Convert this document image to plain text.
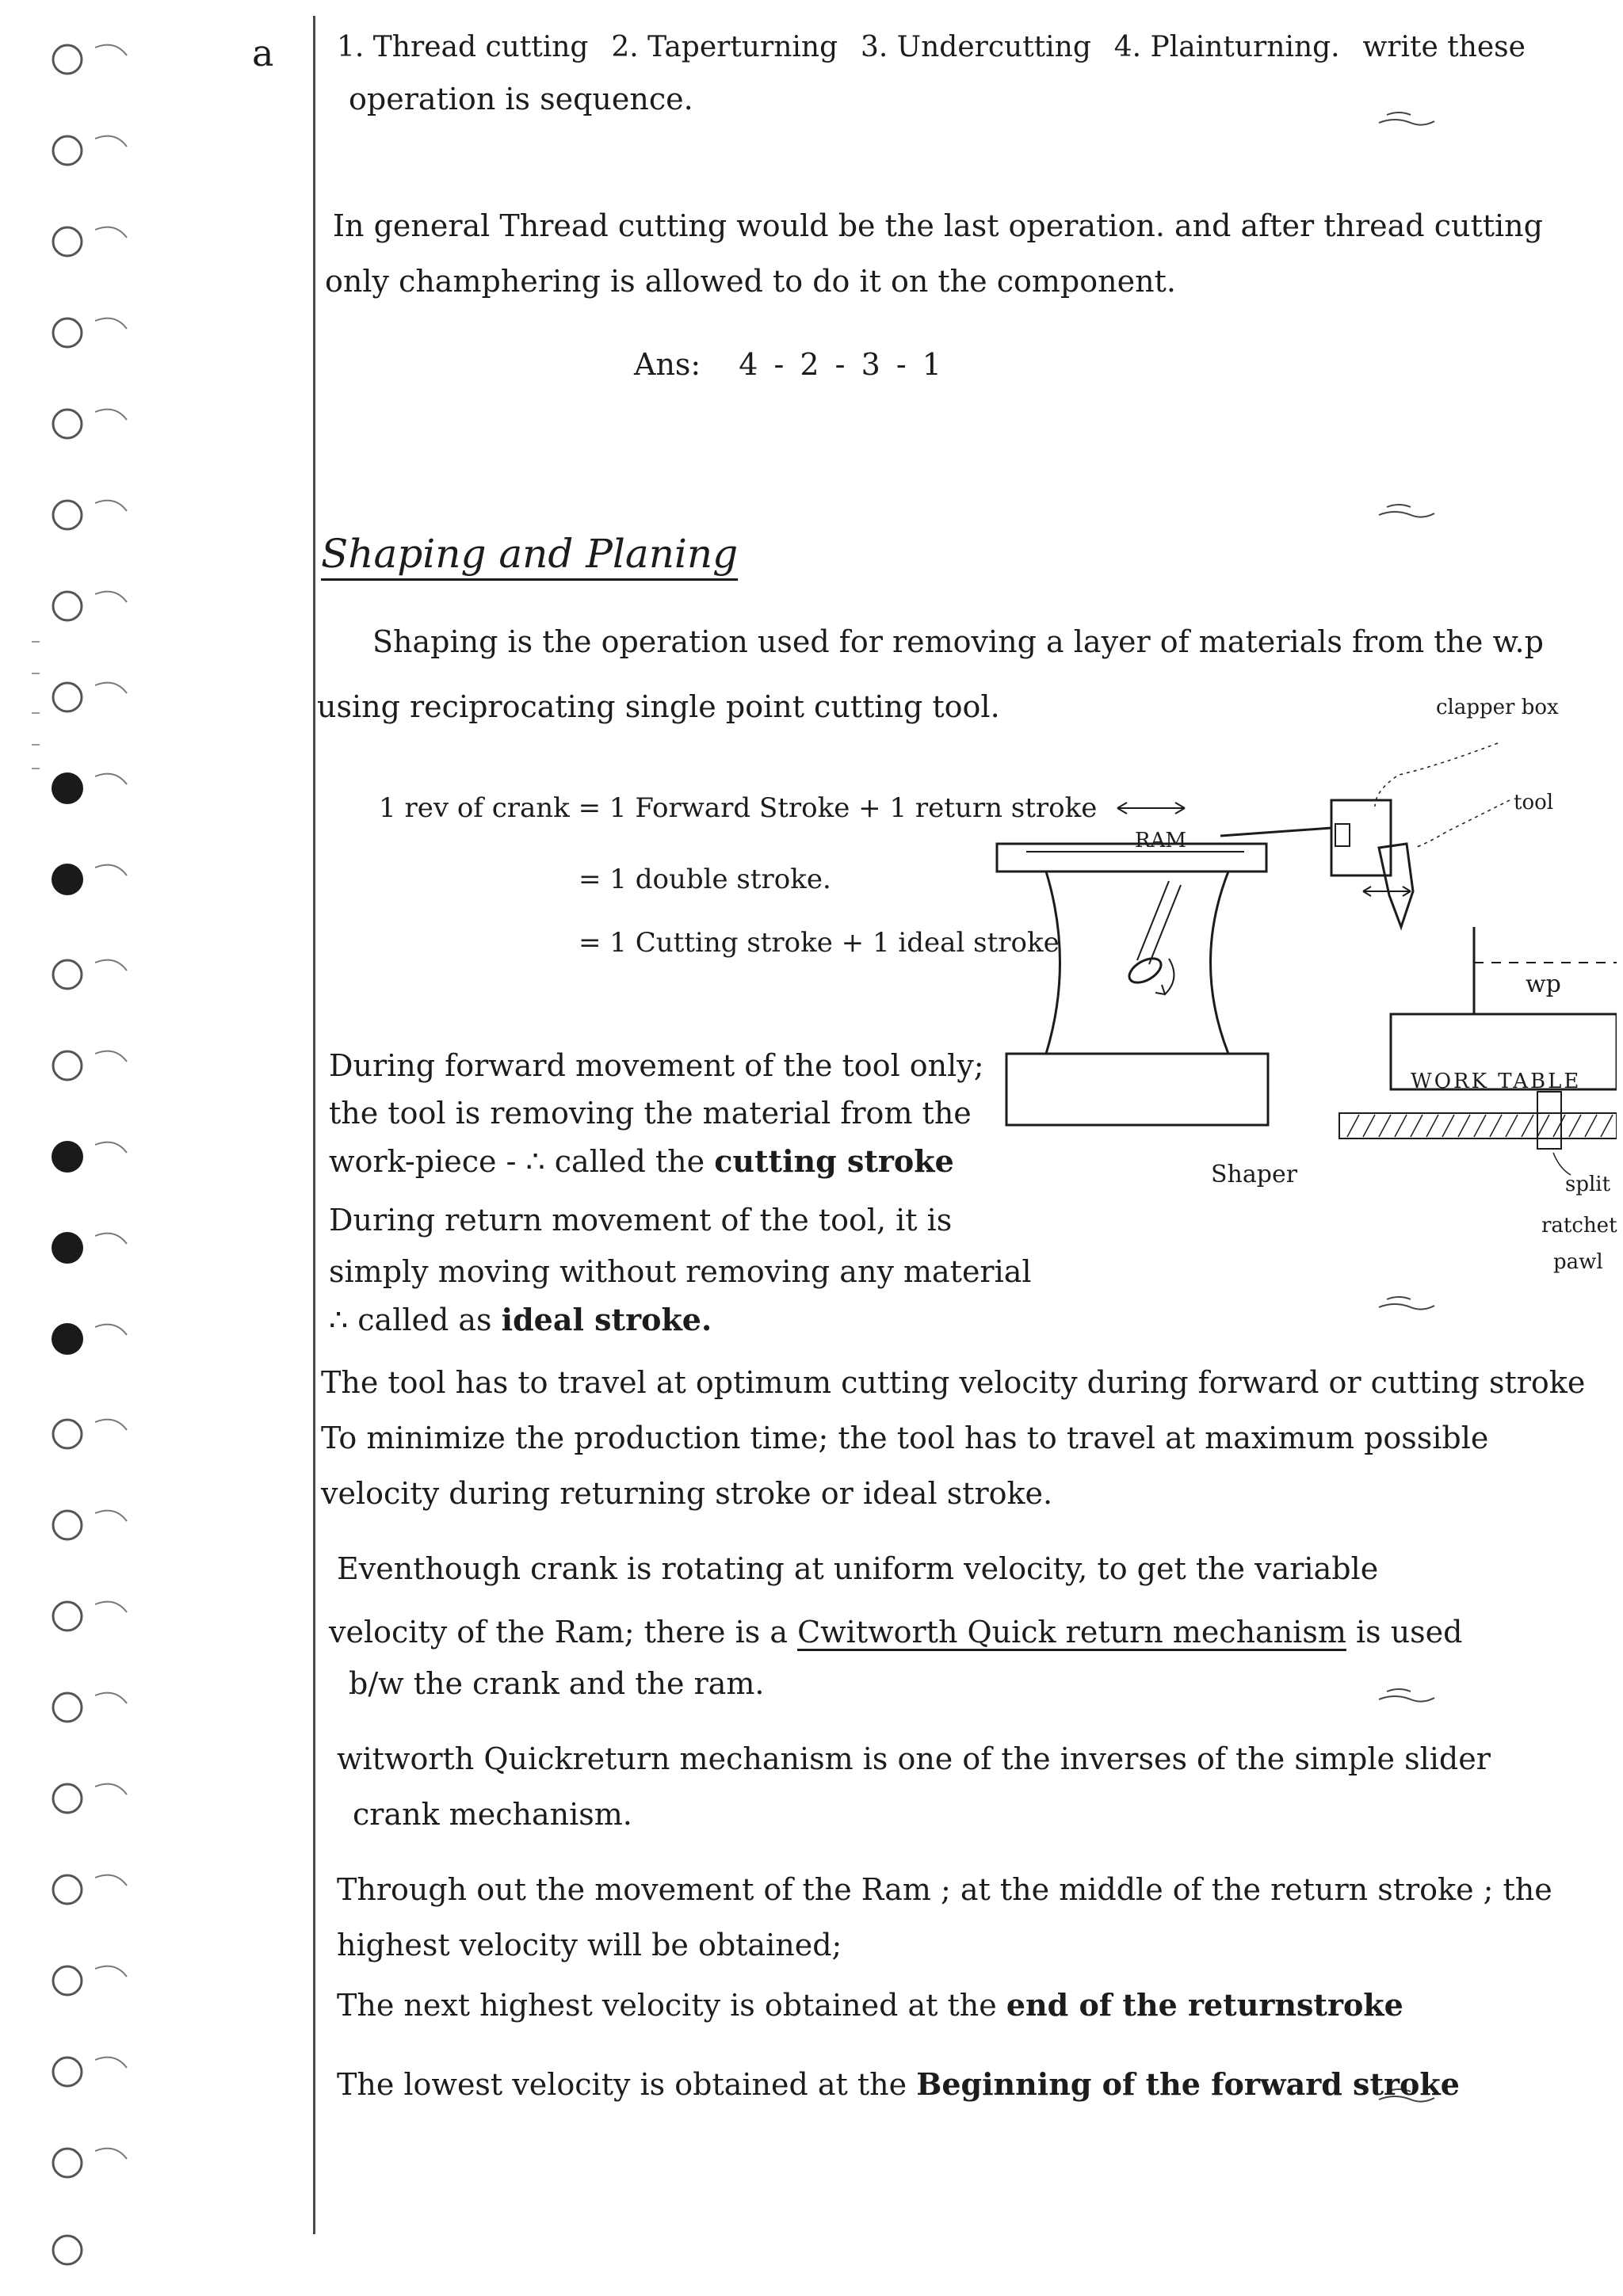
a 1. Thread cutting 2. Taperturning 3. Undercutting 4. Plainturning. write these
operation is sequence.
In general Thread cutting would be the last operation. and after thread cutting
only champhering is allowed to do it on the component.
Ans: 4 - 2 - 3 - 1
Shaping and Planing
Shaping is the operation used for removing a layer of materials from the w.p
using reciprocating single point cutting tool.
1 rev of crank = 1 Forward Stroke + 1 return stroke
= 1 double stroke.
= 1 Cutting stroke + 1 ideal stroke
During forward movement of the tool only;
the tool is removing the material from the
work-piece - ∴ called the cutting stroke
During return movement of the tool, it is
simply moving without removing any material
∴ called as ideal stroke.
The tool has to travel at optimum cutting velocity during forward or cutting stroke
To minimize the production time; the tool has to travel at maximum possible
velocity during returning stroke or ideal stroke.
Eventhough crank is rotating at uniform velocity, to get the variable
velocity of the Ram; there is a Cwitworth Quick return mechanism is used
b/w the crank and the ram.
witworth Quickreturn mechanism is one of the inverses of the simple slider
crank mechanism.
Through out the movement of the Ram ; at the middle of the return stroke ; the
highest velocity will be obtained;
The next highest velocity is obtained at the end of the returnstroke
The lowest velocity is obtained at the Beginning of the forward stroke
clapper box
tool
RAM
wp
WORK TABLE
Shaper	split
ratchet
pawl
